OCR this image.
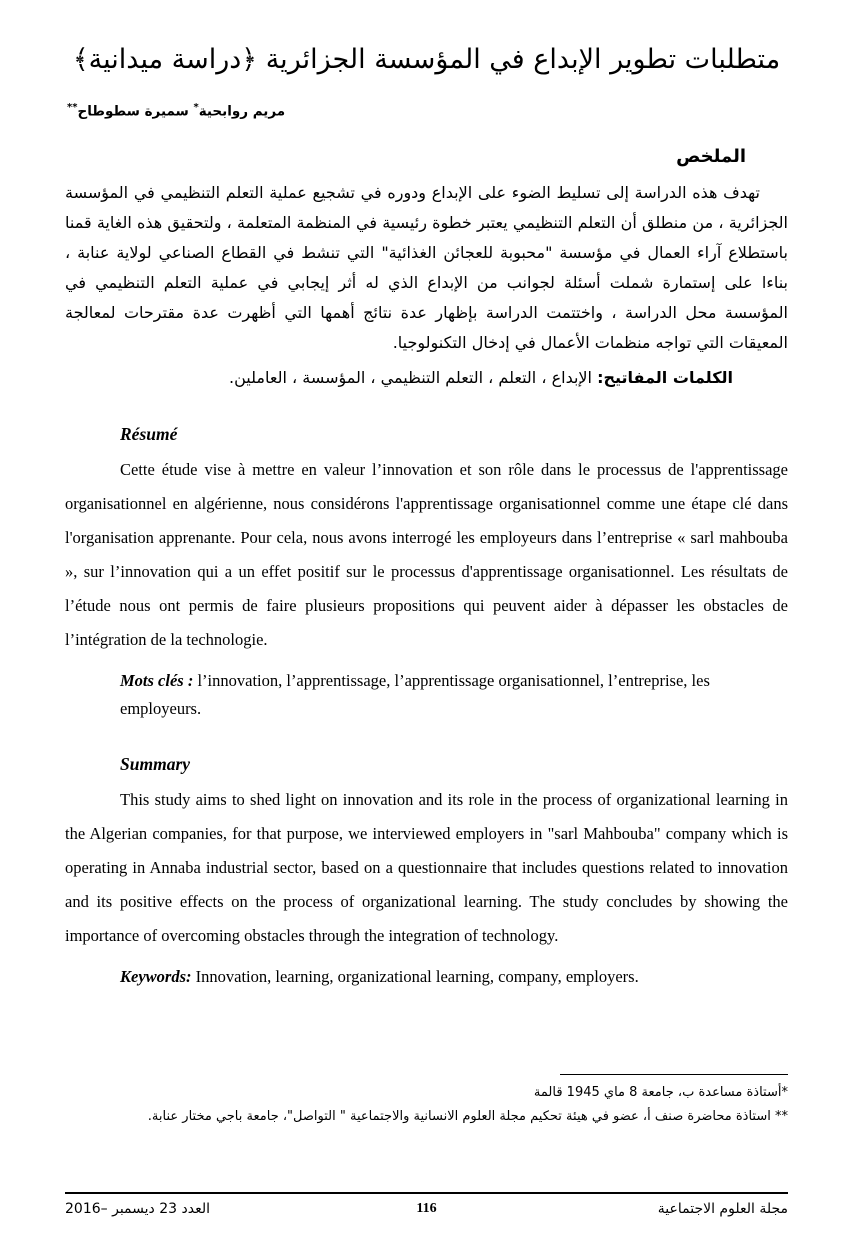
متطلبات تطوير الإبداع في المؤسسة الجزائرية ﴿دراسة ميدانية﴾
مريم روابحية* سميرة سطوطاح**
الملخص
تهدف هذه الدراسة إلى تسليط الضوء على الإبداع ودوره في تشجيع عملية التعلم التنظيمي في المؤسسة الجزائرية ، من منطلق أن التعلم التنظيمي يعتبر خطوة رئيسية في المنظمة المتعلمة ، ولتحقيق هذه الغاية قمنا باستطلاع آراء العمال في مؤسسة "محبوبة للعجائن الغذائية" التي تنشط في القطاع الصناعي لولاية عنابة ، بناءا على إستمارة شملت أسئلة لجوانب من الإبداع الذي له أثر إيجابي في عملية التعلم التنظيمي في المؤسسة محل الدراسة ، واختتمت الدراسة بإظهار عدة نتائج أهمها التي أظهرت عدة مقترحات لمعالجة المعيقات التي تواجه منظمات الأعمال في إدخال التكنولوجيا.
الكلمات المفاتيح: الإبداع ، التعلم ، التعلم التنظيمي ، المؤسسة ، العاملين.
Résumé
Cette étude vise à mettre en valeur l’innovation et son rôle dans le processus de l'apprentissage organisationnel en algérienne, nous considérons l'apprentissage organisationnel comme une étape clé dans l'organisation apprenante. Pour cela, nous avons interrogé les employeurs dans l’entreprise « sarl mahbouba », sur l’innovation qui a un effet positif sur le processus d'apprentissage organisationnel. Les résultats de l’étude nous ont permis de faire plusieurs propositions qui peuvent aider à dépasser les obstacles de l’intégration de la technologie.
Mots clés : l’innovation, l’apprentissage, l’apprentissage organisationnel, l’entreprise, les employeurs.
Summary
This study aims to shed light on innovation and its role in the process of organizational learning in the Algerian companies, for that purpose, we interviewed employers in "sarl Mahbouba" company which is operating in Annaba industrial sector, based on a questionnaire that includes questions related to innovation and its positive effects on the process of organizational learning. The study concludes by showing the importance of overcoming obstacles through the integration of technology.
Keywords: Innovation, learning, organizational learning, company, employers.
*أستاذة مساعدة ب، جامعة 8 ماي 1945 قالمة
** استاذة محاضرة صنف أ، عضو في هيئة تحكيم مجلة العلوم الانسانية والاجتماعية " التواصل"، جامعة باجي مختار عنابة.
العدد 23 ديسمبر –2016	116	مجلة العلوم الاجتماعية
